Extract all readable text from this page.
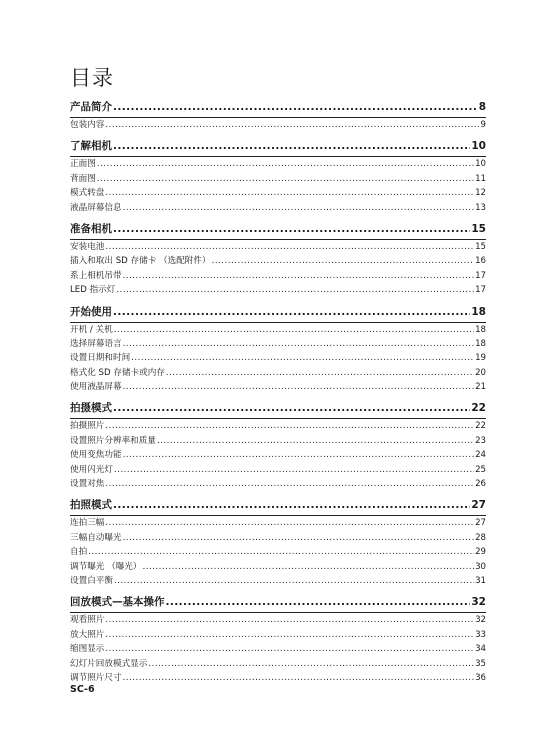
目录
产品简介 .....	8
包装内容 .....	9
了解相机 .....	10
正面图 .....	10
背面图 .....	11
模式转盘 .....	12
液晶屏幕信息 .....	13
准备相机 .....	15
安装电池 .....	15
插入和取出 SD 存储卡 （选配附件） .....	16
系上相机吊带 .....	17
LED 指示灯 .....	17
开始使用 .....	18
开机 / 关机 .....	18
选择屏幕语言 .....	18
设置日期和时间 .....	19
格式化 SD 存储卡或内存 .....	20
使用液晶屏幕 .....	21
拍摄模式 .....	22
拍摄照片 .....	22
设置照片分辨率和质量 .....	23
使用变焦功能 .....	24
使用闪光灯 .....	25
设置对焦 .....	26
拍照模式 .....	27
连拍三幅 .....	27
三幅自动曝光 .....	28
自拍 .....	29
调节曝光 （曝光） .....	30
设置白平衡 .....	31
回放模式—基本操作 .....	32
观看照片 .....	32
放大照片 .....	33
缩图显示 .....	34
幻灯片回放模式显示 .....	35
调节照片尺寸 .....	36
SC-6
